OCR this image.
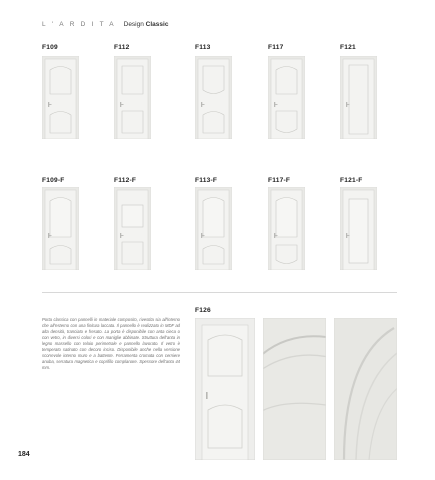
L'ARDITA Design Classic
F126
Porta classica con pannelli in materiale composito, rivestita sia all'interno che all'esterno con una finitura laccata. Il pannello è realizzato in MDF ad alta densità, tranciato e fresato. La porta è disponibile con anta cieca o con vetro, in diversi colori e con maniglie abbinate. Struttura dell'anta in legno massello con telaio perimetrale e pannello lavorato. Il vetro è temperato satinato con decoro inciso. Disponibile anche nella versione scorrevole interno muro e a battente. Ferramenta cromata con cerniere anuba, serratura magnetica e coprifilo complanare. Spessore dell'anta 44 mm.
184
F109	F112	F113	F117	F121
F109-F	F112-F	F113-F	F117-F	F121-F
